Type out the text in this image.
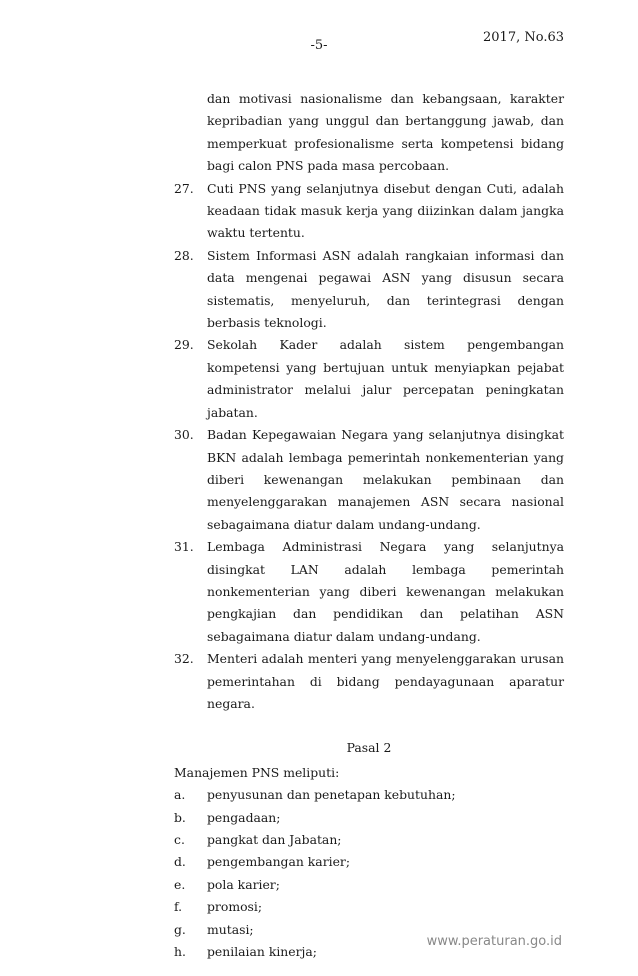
-5-
2017, No.63
dan motivasi nasionalisme dan kebangsaan, karakter kepribadian yang unggul dan bertanggung jawab, dan memperkuat profesionalisme serta kompetensi bidang bagi calon PNS pada masa percobaan.
27.	Cuti PNS yang selanjutnya disebut dengan Cuti, adalah keadaan tidak masuk kerja yang diizinkan dalam jangka waktu tertentu.
28.	Sistem Informasi ASN adalah rangkaian informasi dan data mengenai pegawai ASN yang disusun secara sistematis, menyeluruh, dan terintegrasi dengan berbasis teknologi.
29.	Sekolah Kader adalah sistem pengembangan kompetensi yang bertujuan untuk menyiapkan pejabat administrator melalui jalur percepatan peningkatan jabatan.
30.	Badan Kepegawaian Negara yang selanjutnya disingkat BKN adalah lembaga pemerintah nonkementerian yang diberi kewenangan melakukan pembinaan dan menyelenggarakan manajemen ASN secara nasional sebagaimana diatur dalam undang-undang.
31.	Lembaga Administrasi Negara yang selanjutnya disingkat LAN adalah lembaga pemerintah nonkementerian yang diberi kewenangan melakukan pengkajian dan pendidikan dan pelatihan ASN sebagaimana diatur dalam undang-undang.
32.	Menteri adalah menteri yang menyelenggarakan urusan pemerintahan di bidang pendayagunaan aparatur negara.
Pasal 2
Manajemen PNS meliputi:
a.	penyusunan dan penetapan kebutuhan;
b.	pengadaan;
c.	pangkat dan Jabatan;
d.	pengembangan karier;
e.	pola karier;
f.	promosi;
g.	mutasi;
h.	penilaian kinerja;
www.peraturan.go.id
